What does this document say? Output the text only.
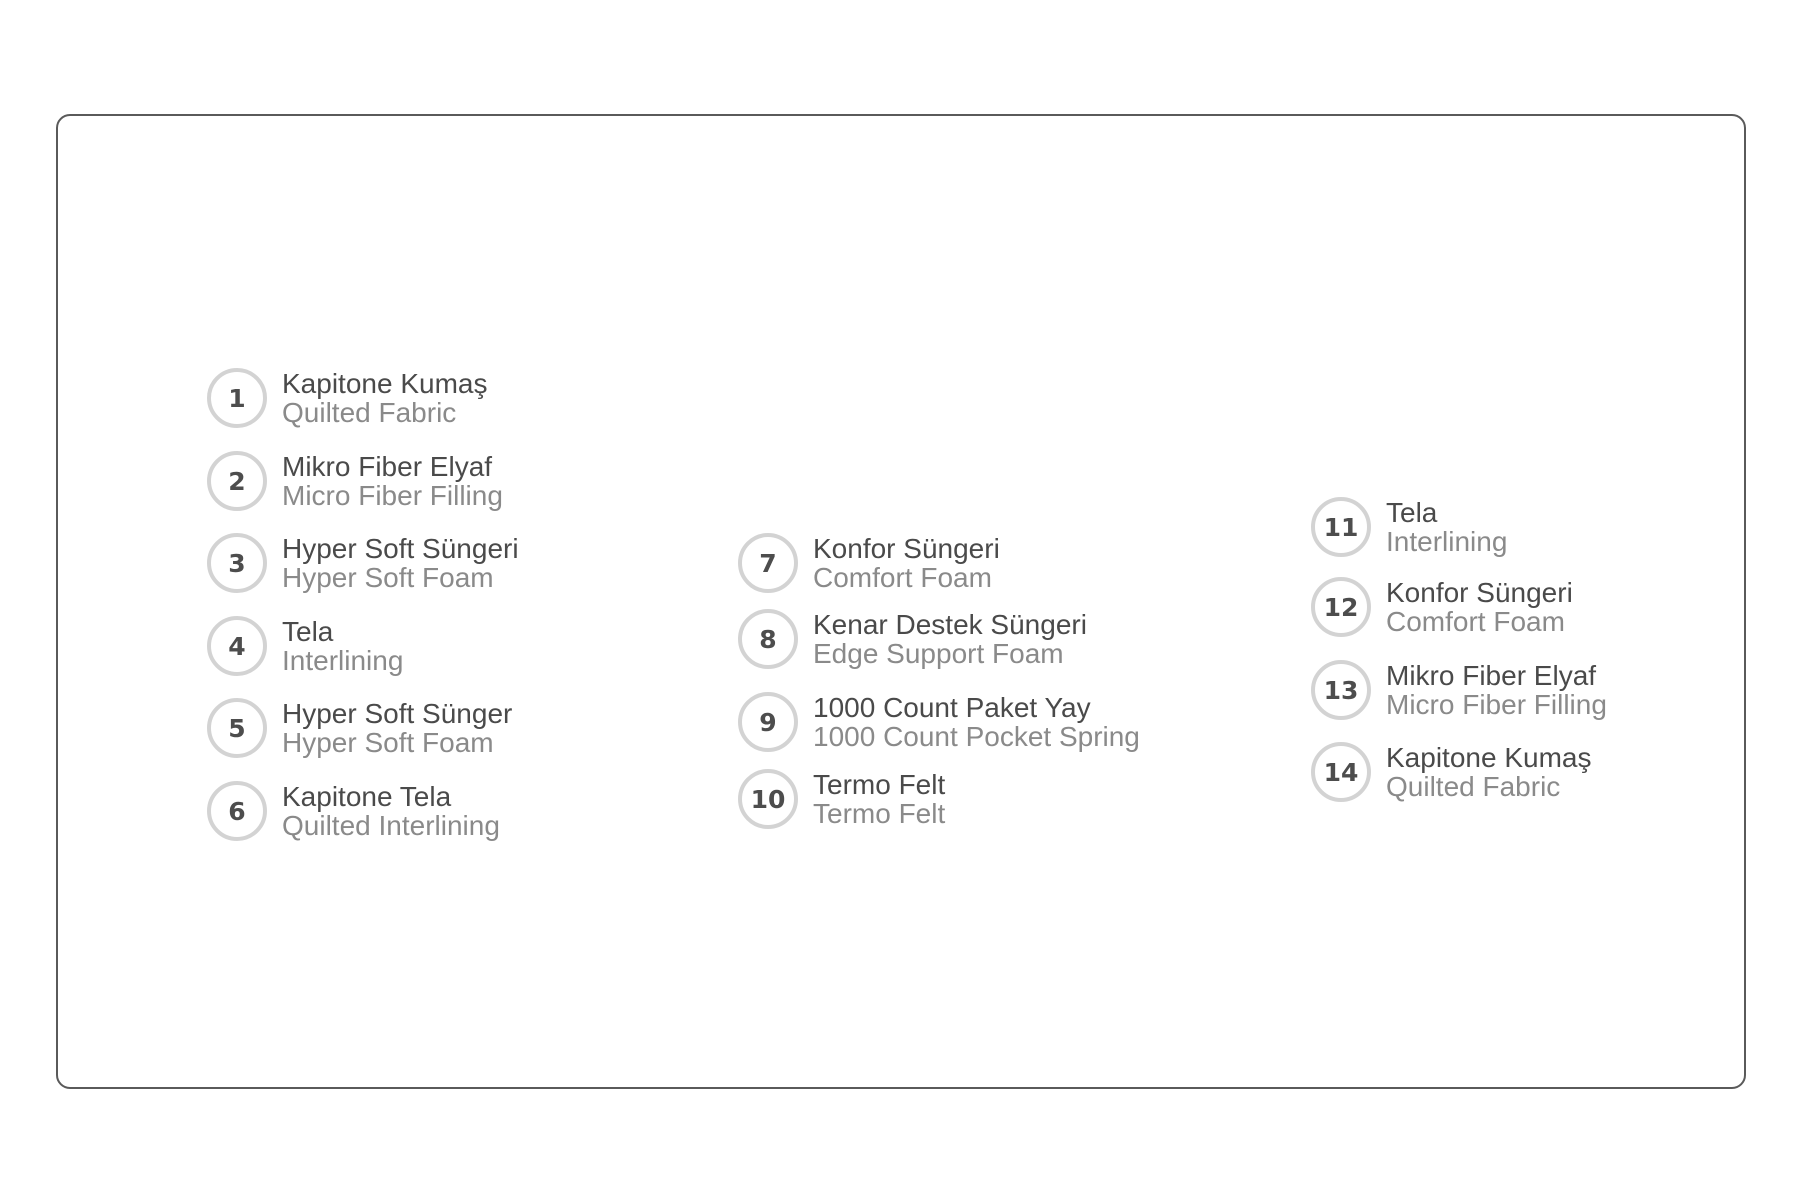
1	Kapitone Kumaş
Quilted Fabric
2	Mikro Fiber Elyaf
Micro Fiber Filling
3	Hyper Soft Süngeri
Hyper Soft Foam
4	Tela
Interlining
5	Hyper Soft Sünger
Hyper Soft Foam
6	Kapitone Tela
Quilted Interlining
7	Konfor Süngeri
Comfort Foam
8	Kenar Destek Süngeri
Edge Support Foam
9	1000 Count Paket Yay
1000 Count Pocket Spring
10 Termo Felt
Termo Felt
11 Tela
Interlining
12 Konfor Süngeri
Comfort Foam
13 Mikro Fiber Elyaf
Micro Fiber Filling
14 Kapitone Kumaş
Quilted Fabric
